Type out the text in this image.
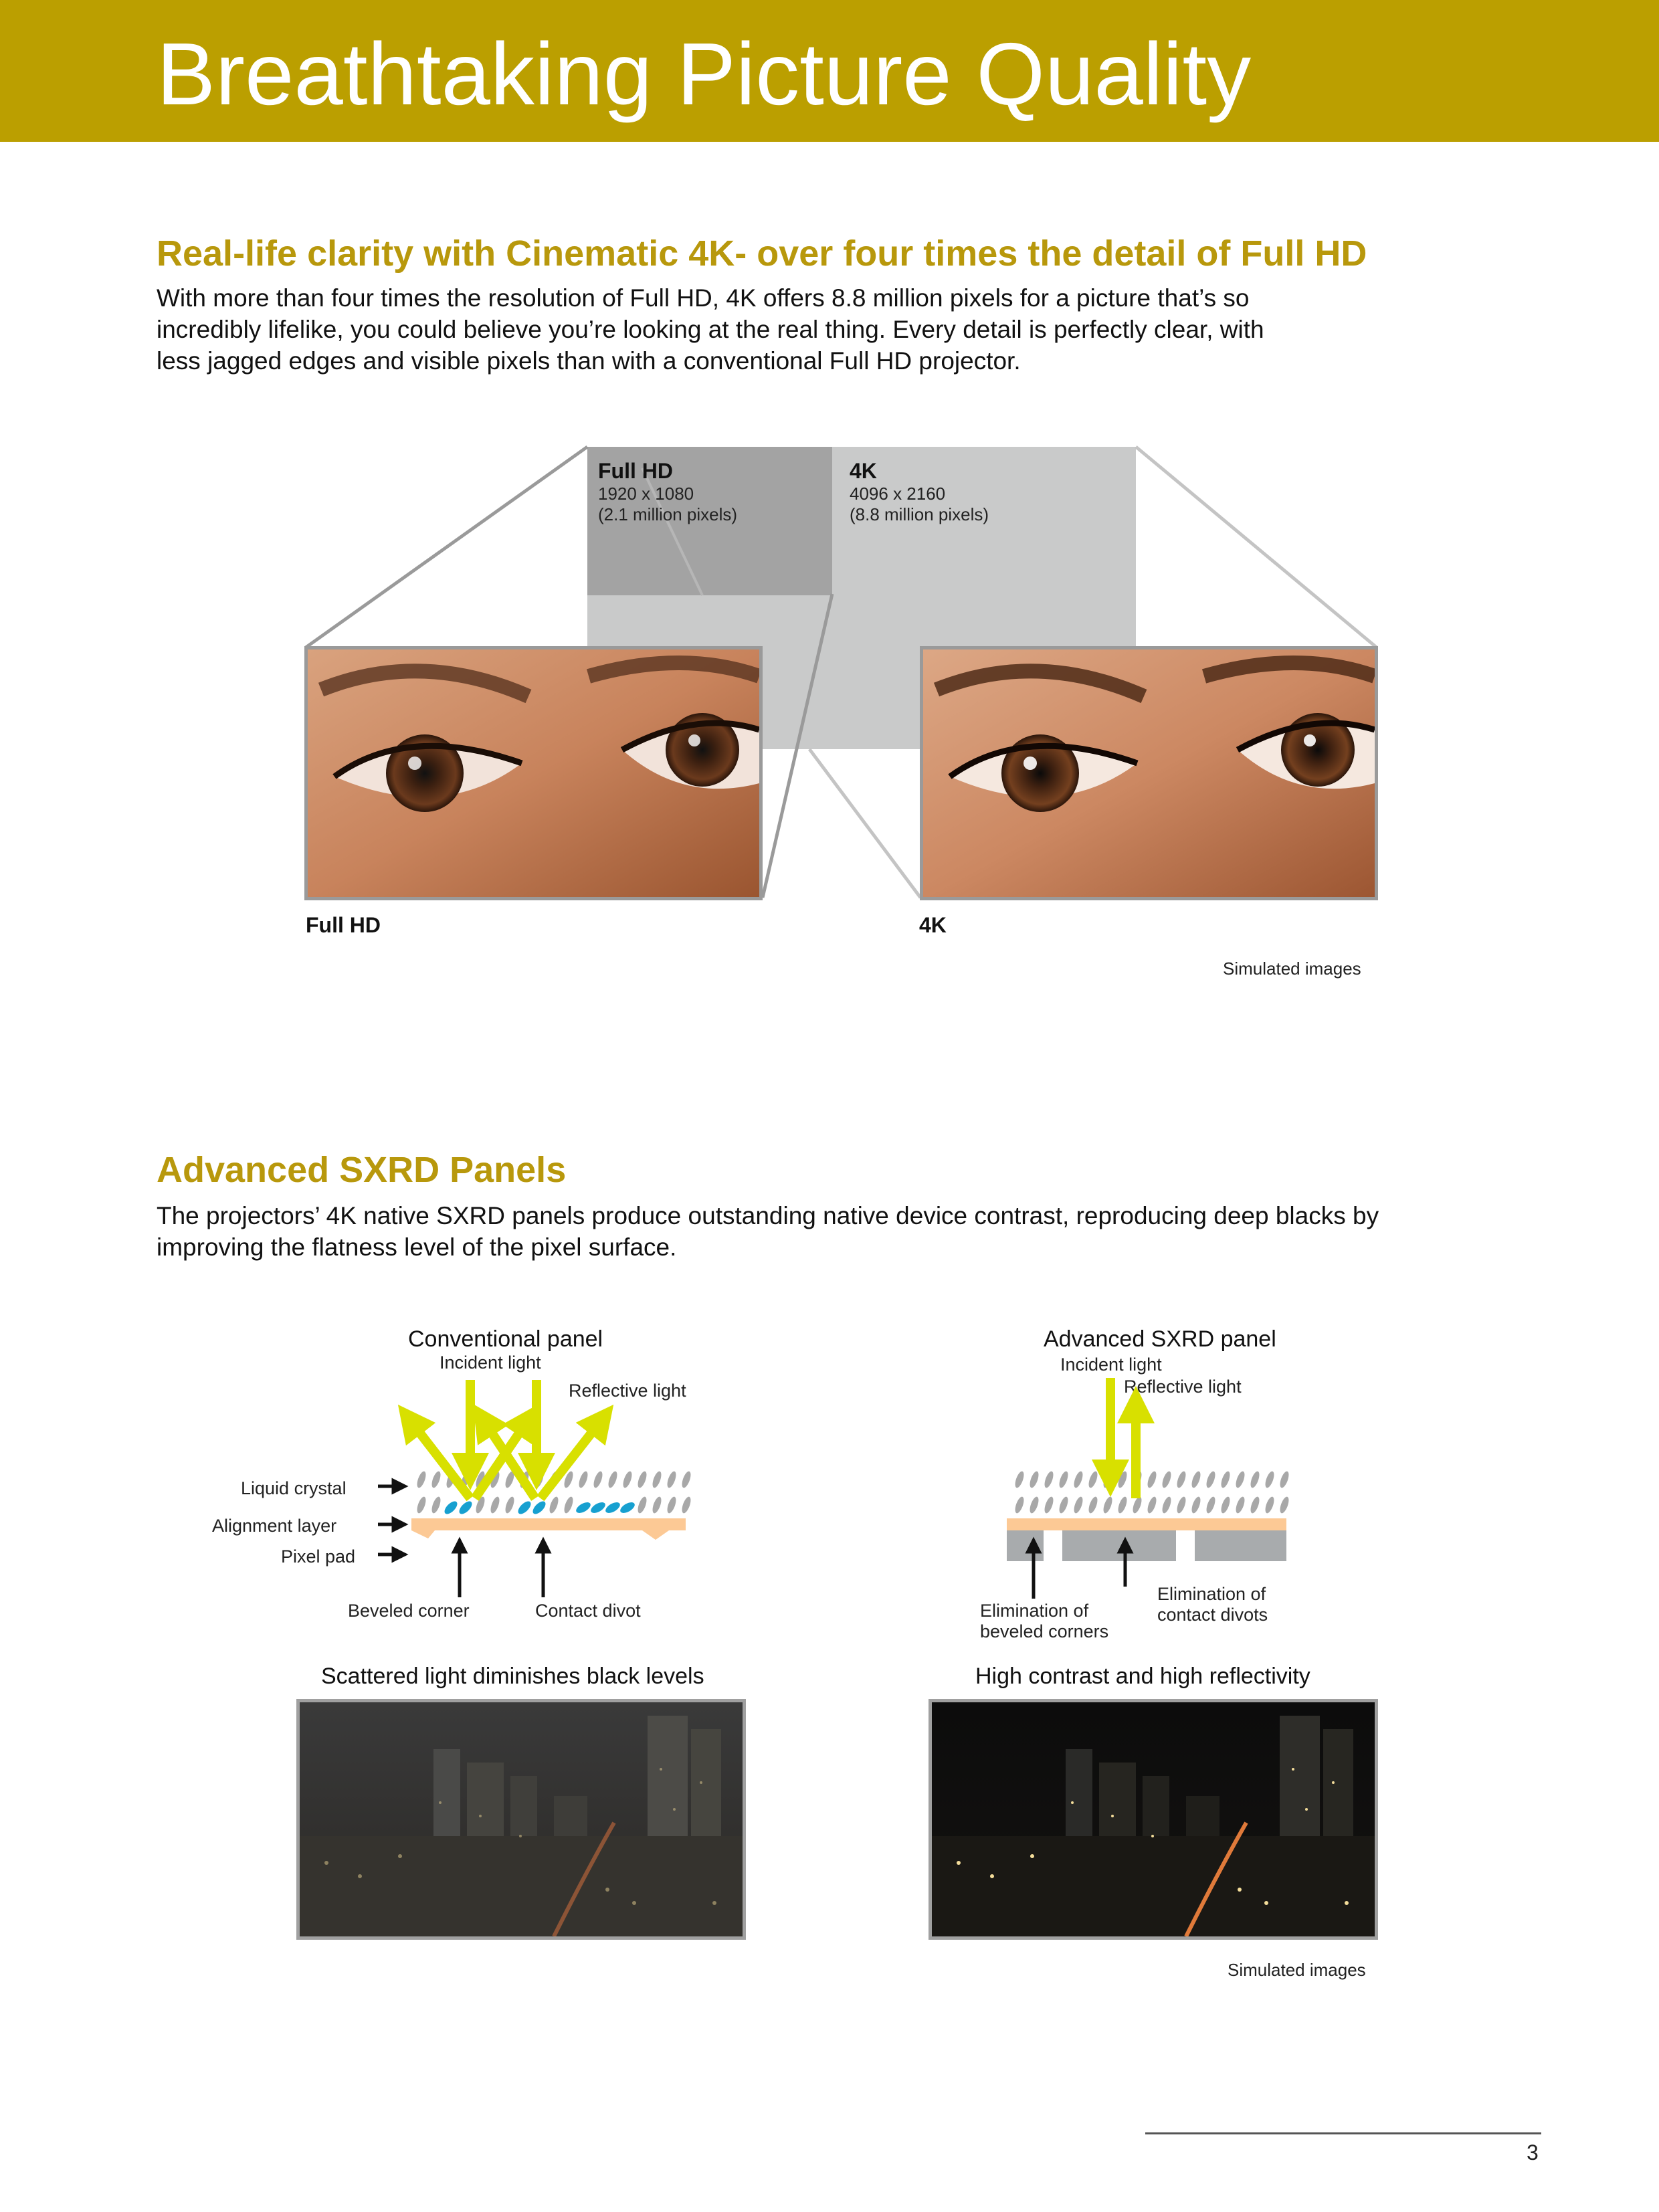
Breathtaking Picture Quality
Real-life clarity with Cinematic 4K- over four times the detail of Full HD
With more than four times the resolution of Full HD, 4K offers 8.8 million pixels for a picture that’s so
incredibly lifelike, you could believe you’re looking at the real thing. Every detail is perfectly clear, with
less jagged edges and visible pixels than with a conventional Full HD projector.
Full HD
1920 x 1080
(2.1 million pixels)
4K
4096 x 2160
(8.8 million pixels)
Full HD	4K
Simulated images
Advanced SXRD Panels
The projectors’ 4K native SXRD panels produce outstanding native device contrast, reproducing deep blacks by
improving the flatness level of the pixel surface.
Conventional panel
Incident light
Reflective light
Liquid crystal
Alignment layer
Pixel pad
Beveled corner	Contact divot
Advanced SXRD panel
Incident light
Reflective light
Elimination of
beveled corners
Elimination of
contact divots
Scattered light diminishes black levels	High contrast and high reflectivity
Simulated images
3
